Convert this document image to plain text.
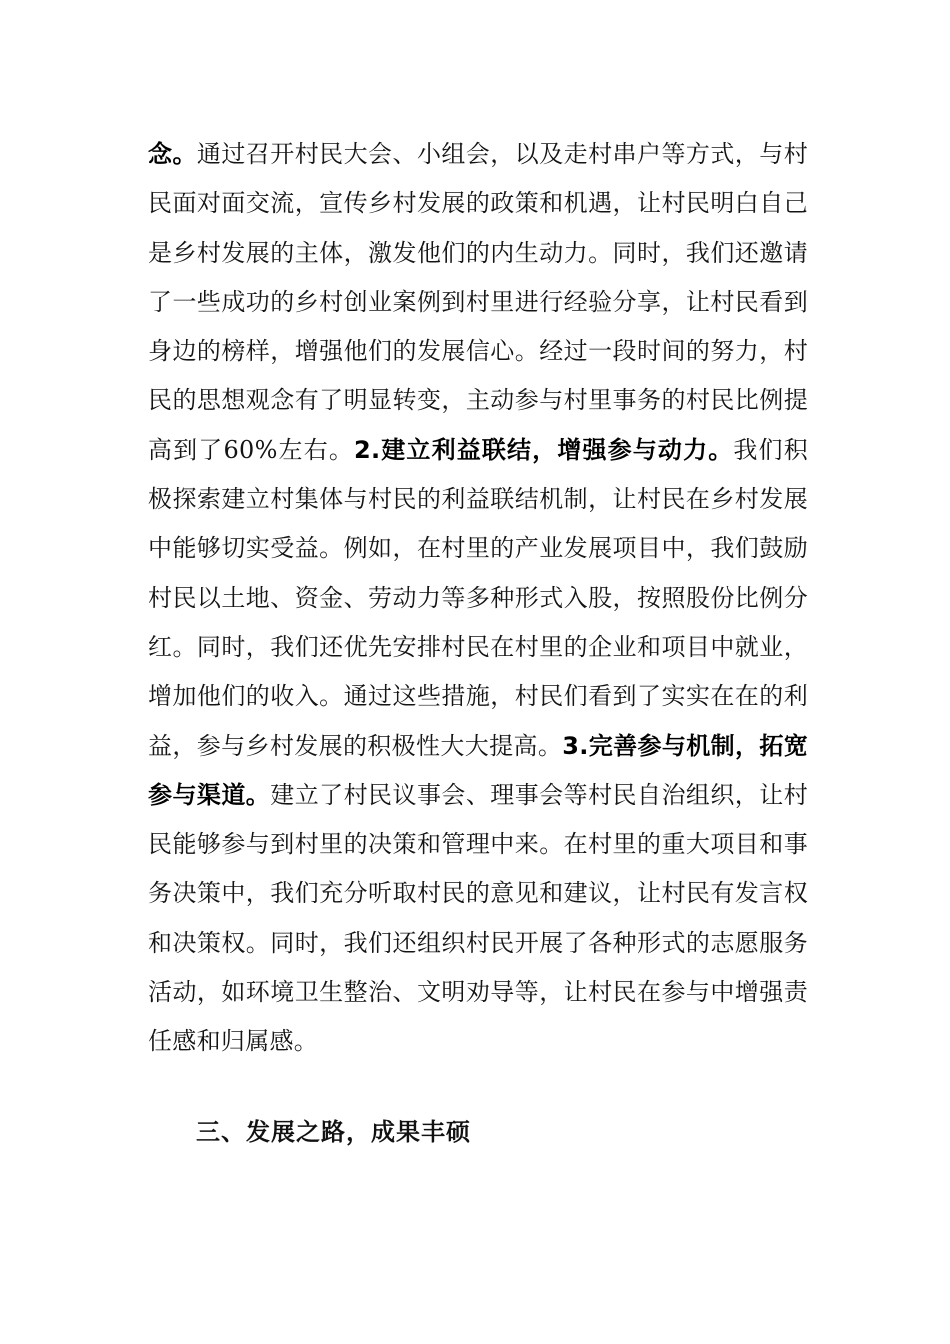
念。通过召开村民大会、小组会，以及走村串户等方式，与村民面对面交流，宣传乡村发展的政策和机遇，让村民明白自己是乡村发展的主体，激发他们的内生动力。同时，我们还邀请了一些成功的乡村创业案例到村里进行经验分享，让村民看到身边的榜样，增强他们的发展信心。经过一段时间的努力，村民的思想观念有了明显转变，主动参与村里事务的村民比例提高到了60%左右。2.建立利益联结，增强参与动力。我们积极探索建立村集体与村民的利益联结机制，让村民在乡村发展中能够切实受益。例如，在村里的产业发展项目中，我们鼓励村民以土地、资金、劳动力等多种形式入股，按照股份比例分红。同时，我们还优先安排村民在村里的企业和项目中就业，增加他们的收入。通过这些措施，村民们看到了实实在在的利益，参与乡村发展的积极性大大提高。3.完善参与机制，拓宽参与渠道。建立了村民议事会、理事会等村民自治组织，让村民能够参与到村里的决策和管理中来。在村里的重大项目和事务决策中，我们充分听取村民的意见和建议，让村民有发言权和决策权。同时，我们还组织村民开展了各种形式的志愿服务活动，如环境卫生整治、文明劝导等，让村民在参与中增强责任感和归属感。

三、发展之路，成果丰硕
